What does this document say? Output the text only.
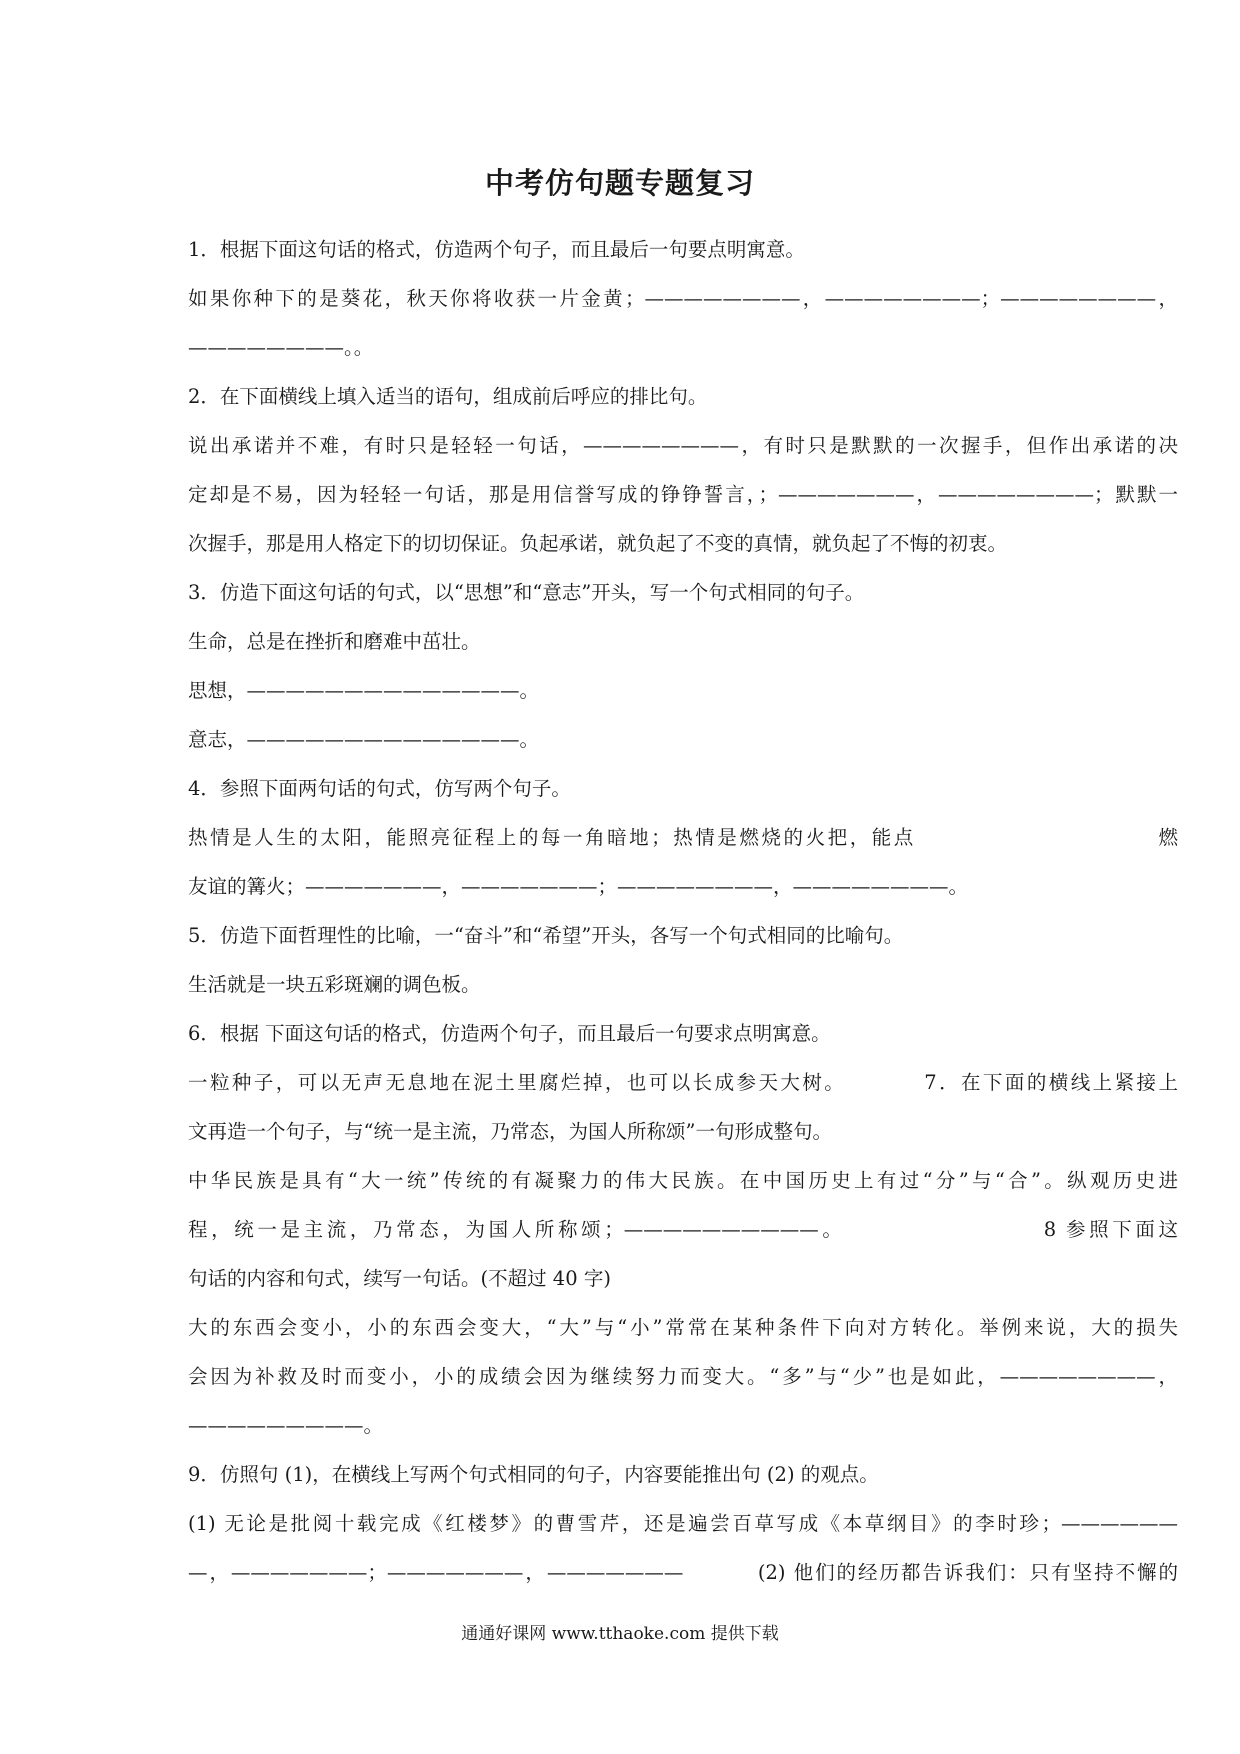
中考仿句题专题复习
1．根据下面这句话的格式，仿造两个句子，而且最后一句要点明寓意。
如果你种下的是葵花，秋天你将收获一片金黄；————————，————————；————————，
————————。。
2．在下面横线上填入适当的语句，组成前后呼应的排比句。
说出承诺并不难，有时只是轻轻一句话，————————，有时只是默默的一次握手，但作出承诺的决
定却是不易，因为轻轻一句话，那是用信誉写成的铮铮誓言，；———————，————————；默默一
次握手，那是用人格定下的切切保证。负起承诺，就负起了不变的真情，就负起了不悔的初衷。
3．仿造下面这句话的句式，以“思想”和“意志”开头，写一个句式相同的句子。
生命，总是在挫折和磨难中茁壮。
思想，——————————————。
意志，——————————————。
4．参照下面两句话的句式，仿写两个句子。
热情是人生的太阳，能照亮征程上的每一角暗地；热情是燃烧的火把，能点　　　　　　　　　　　燃
友谊的篝火；———————，———————；————————，————————。
5．仿造下面哲理性的比喻，一“奋斗”和“希望”开头，各写一个句式相同的比喻句。
生活就是一块五彩斑斓的调色板。
6．根据 下面这句话的格式，仿造两个句子，而且最后一句要求点明寓意。
一粒种子，可以无声无息地在泥土里腐烂掉，也可以长成参天大树。　　　　7．在下面的横线上紧接上
文再造一个句子，与“统一是主流，乃常态，为国人所称颂”一句形成整句。
中华民族是具有“大一统”传统的有凝聚力的伟大民族。在中国历史上有过“分”与“合”。纵观历史进
程，统一是主流，乃常态，为国人所称颂；——————————。　　　　　　　　　8 参照下面这
句话的内容和句式，续写一句话。(不超过 40 字)
大的东西会变小，小的东西会变大，“大”与“小”常常在某种条件下向对方转化。举例来说，大的损失
会因为补救及时而变小，小的成绩会因为继续努力而变大。“多”与“少”也是如此，————————，
—————————。
9．仿照句 (1)，在横线上写两个句式相同的句子，内容要能推出句 (2) 的观点。
(1) 无论是批阅十载完成《红楼梦》的曹雪芹，还是遍尝百草写成《本草纲目》的李时珍；——————
—，———————；———————，———————　　　 (2) 他们的经历都告诉我们：只有坚持不懈的
通通好课网 www.tthaoke.com 提供下载
